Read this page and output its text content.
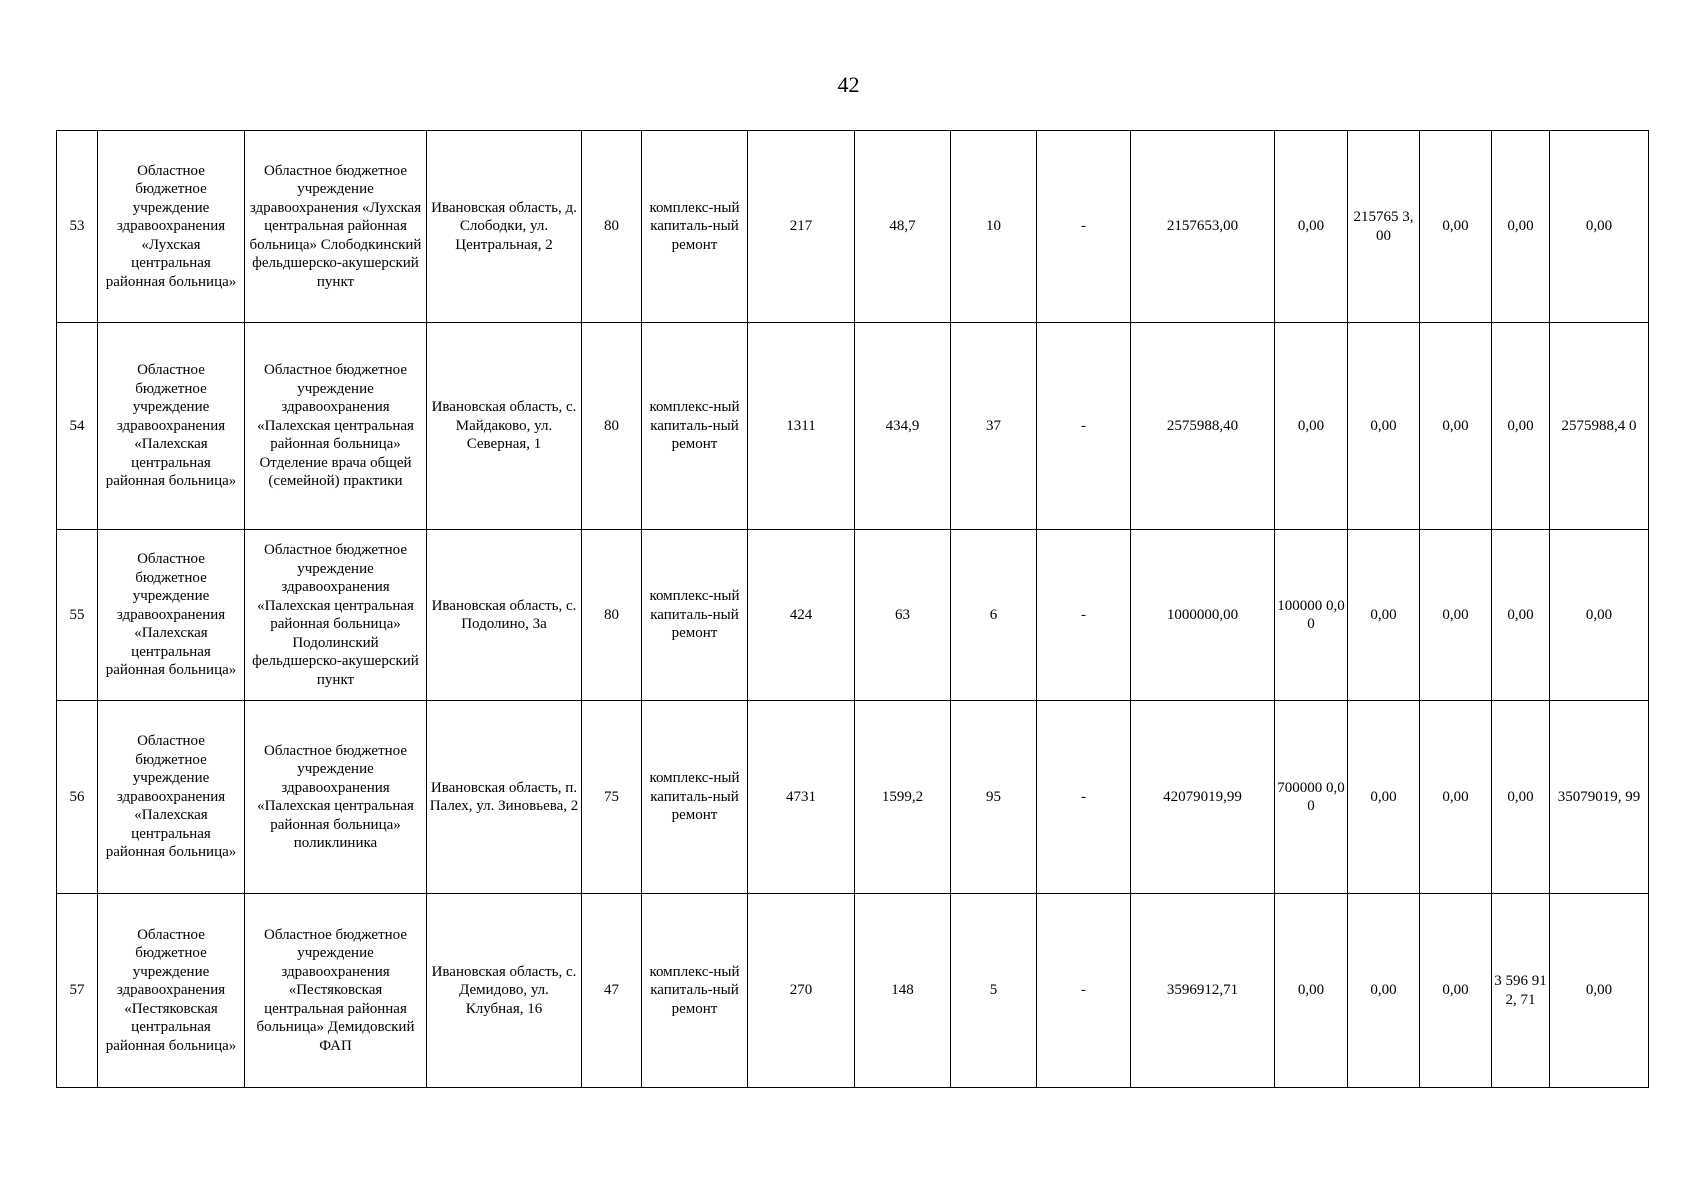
42
53	Областное бюджетное учреждение здравоохранения «Лухская центральная районная больница»	Областное бюджетное учреждение здравоохранения «Лухская центральная районная больница» Слободкинский фельдшерско-акушерский пункт	Ивановская область, д. Слободки, ул. Центральная, 2	80	комплекс-ный капиталь-ный ремонт	217	48,7	10	-	2157653,00	0,00	215765 3,00	0,00	0,00	0,00
54	Областное бюджетное учреждение здравоохранения «Палехская центральная районная больница»	Областное бюджетное учреждение здравоохранения «Палехская центральная районная больница» Отделение врача общей (семейной) практики	Ивановская область, с. Майдаково, ул. Северная, 1	80	комплекс-ный капиталь-ный ремонт	1311	434,9	37	-	2575988,40	0,00	0,00	0,00	0,00	2575988,4 0
55	Областное бюджетное учреждение здравоохранения «Палехская центральная районная больница»	Областное бюджетное учреждение здравоохранения «Палехская центральная районная больница» Подолинский фельдшерско-акушерский пункт	Ивановская область, с. Подолино, 3а	80	комплекс-ный капиталь-ный ремонт	424	63	6	-	1000000,00	100000 0,00	0,00	0,00	0,00	0,00
56	Областное бюджетное учреждение здравоохранения «Палехская центральная районная больница»	Областное бюджетное учреждение здравоохранения «Палехская центральная районная больница» поликлиника	Ивановская область, п. Палех, ул. Зиновьева, 2	75	комплекс-ный капиталь-ный ремонт	4731	1599,2	95	-	42079019,99	700000 0,00	0,00	0,00	0,00	35079019, 99
57	Областное бюджетное учреждение здравоохранения «Пестяковская центральная районная больница»	Областное бюджетное учреждение здравоохранения «Пестяковская центральная районная больница» Демидовский ФАП	Ивановская область, с. Демидово, ул. Клубная, 16	47	комплекс-ный капиталь-ный ремонт	270	148	5	-	3596912,71	0,00	0,00	0,00	3 596 912, 71	0,00
